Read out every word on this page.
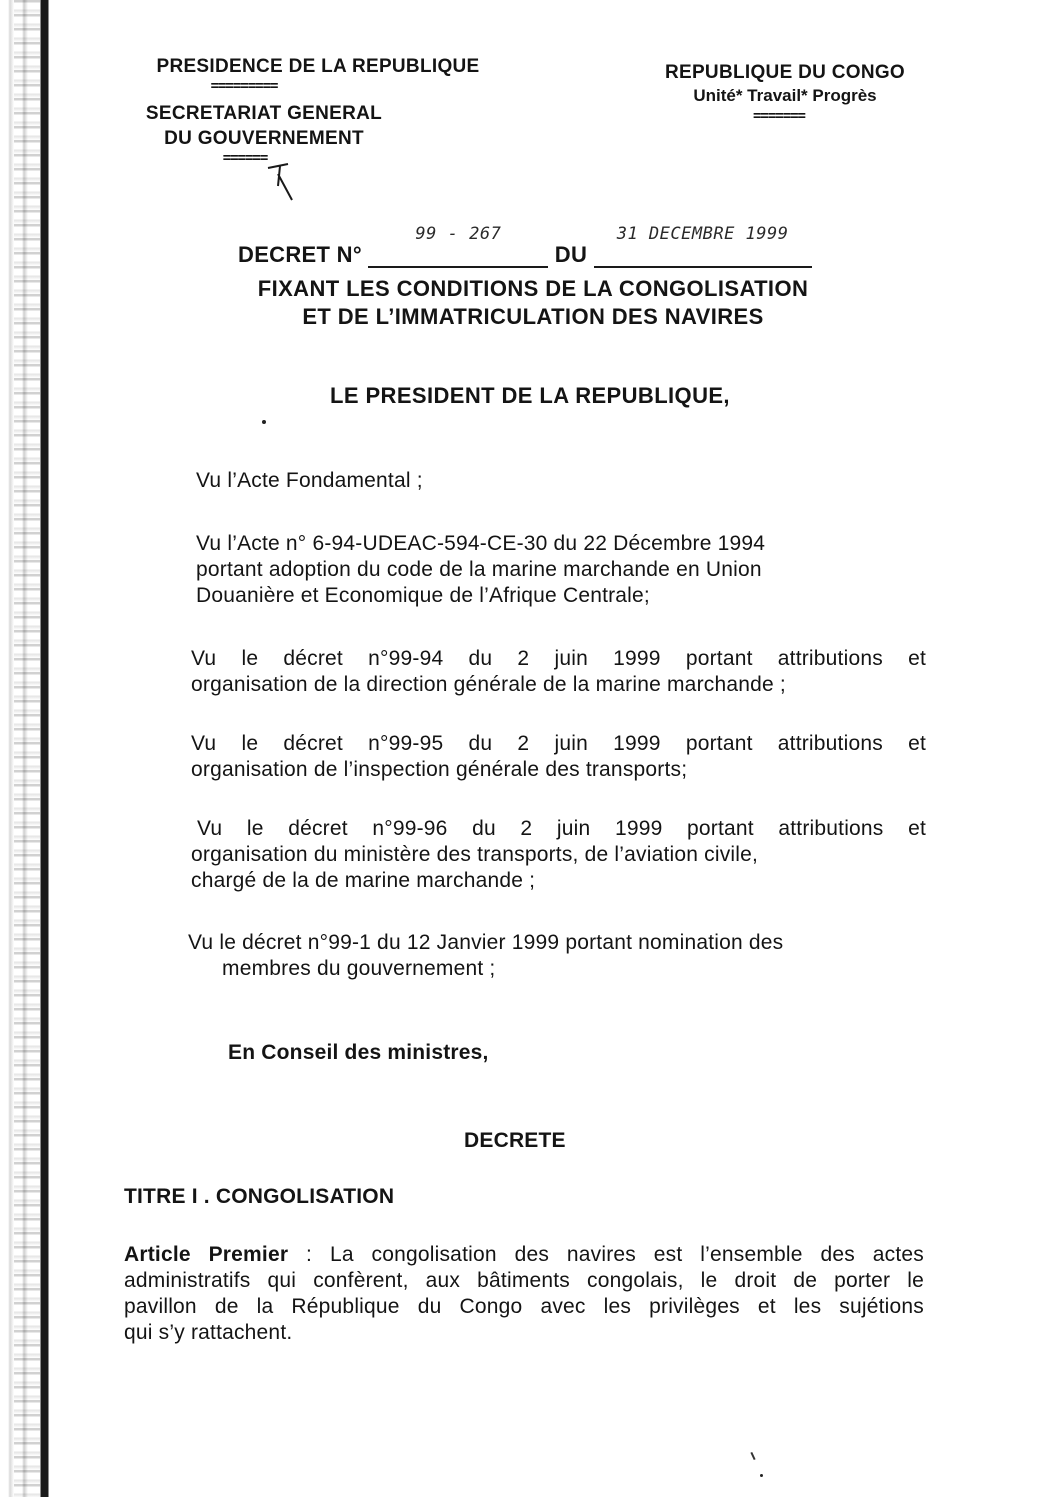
PRESIDENCE DE LA REPUBLIQUE
=========
SECRETARIAT GENERAL
DU GOUVERNEMENT
======
REPUBLIQUE DU CONGO
Unité* Travail* Progrès
=======
DECRET N°
99 - 267
DU
31 DECEMBRE 1999
FIXANT LES CONDITIONS DE LA CONGOLISATION
ET DE L’IMMATRICULATION DES NAVIRES
LE PRESIDENT DE LA REPUBLIQUE,
Vu l’Acte Fondamental ;
Vu l’Acte n° 6-94-UDEAC-594-CE-30 du 22 Décembre 1994
portant adoption du code de la marine marchande en Union
Douanière et Economique de l’Afrique Centrale;
Vu le décret n°99-94 du 2 juin 1999 portant attributions et
organisation de la direction générale de la marine marchande ;
Vu le décret n°99-95 du 2 juin 1999 portant attributions et
organisation de l’inspection générale des transports;
Vu le décret n°99-96 du 2 juin 1999 portant attributions et
organisation du ministère des transports, de l’aviation civile,
chargé de la de marine marchande ;
Vu le décret n°99-1 du 12 Janvier 1999 portant nomination des
membres du gouvernement ;
En Conseil des ministres,
DECRETE
TITRE I . CONGOLISATION
Article Premier : La congolisation des navires est l’ensemble des actes
administratifs qui confèrent, aux bâtiments congolais, le droit de porter le
pavillon de la République du Congo avec les privilèges et les sujétions
qui s’y rattachent.
